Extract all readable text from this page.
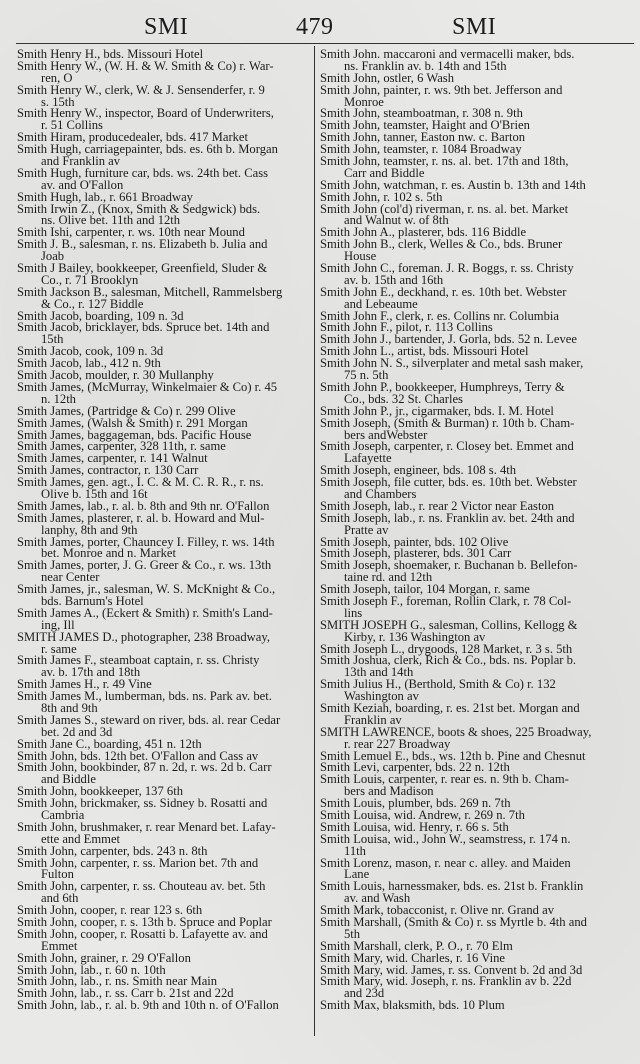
SMI	479	SMI
Smith Henry H., bds. Missouri Hotel
Smith Henry W., (W. H. & W. Smith & Co) r. War-
ren, O
Smith Henry W., clerk, W. & J. Sensenderfer, r. 9
s. 15th
Smith Henry W., inspector, Board of Underwriters,
r. 51 Collins
Smith Hiram, producedealer, bds. 417 Market
Smith Hugh, carriagepainter, bds. es. 6th b. Morgan
and Franklin av
Smith Hugh, furniture car, bds. ws. 24th bet. Cass
av. and O'Fallon
Smith Hugh, lab., r. 661 Broadway
Smith Irwin Z., (Knox, Smith & Sedgwick) bds.
ns. Olive bet. 11th and 12th
Smith Ishi, carpenter, r. ws. 10th near Mound
Smith J. B., salesman, r. ns. Elizabeth b. Julia and
Joab
Smith J Bailey, bookkeeper, Greenfield, Sluder &
Co., r. 71 Brooklyn
Smith Jackson B., salesman, Mitchell, Rammelsberg
& Co., r. 127 Biddle
Smith Jacob, boarding, 109 n. 3d
Smith Jacob, bricklayer, bds. Spruce bet. 14th and
15th
Smith Jacob, cook, 109 n. 3d
Smith Jacob, lab., 412 n. 9th
Smith Jacob, moulder, r. 30 Mullanphy
Smith James, (McMurray, Winkelmaier & Co) r. 45
n. 12th
Smith James, (Partridge & Co) r. 299 Olive
Smith James, (Walsh & Smith) r. 291 Morgan
Smith James, baggageman, bds. Pacific House
Smith James, carpenter, 328 11th, r. same
Smith James, carpenter, r. 141 Walnut
Smith James, contractor, r. 130 Carr
Smith James, gen. agt., I. C. & M. C. R. R., r. ns.
Olive b. 15th and 16t
Smith James, lab., r. al. b. 8th and 9th nr. O'Fallon
Smith James, plasterer, r. al. b. Howard and Mul-
lanphy, 8th and 9th
Smith James, porter, Chauncey I. Filley, r. ws. 14th
bet. Monroe and n. Market
Smith James, porter, J. G. Greer & Co., r. ws. 13th
near Center
Smith James, jr., salesman, W. S. McKnight & Co.,
bds. Barnum's Hotel
Smith James A., (Eckert & Smith) r. Smith's Land-
ing, Ill
SMITH JAMES D., photographer, 238 Broadway,
r. same
Smith James F., steamboat captain, r. ss. Christy
av. b. 17th and 18th
Smith James H., r. 49 Vine
Smith James M., lumberman, bds. ns. Park av. bet.
8th and 9th
Smith James S., steward on river, bds. al. rear Cedar
bet. 2d and 3d
Smith Jane C., boarding, 451 n. 12th
Smith John, bds. 12th bet. O'Fallon and Cass av
Smith John, bookbinder, 87 n. 2d, r. ws. 2d b. Carr
and Biddle
Smith John, bookkeeper, 137 6th
Smith John, brickmaker, ss. Sidney b. Rosatti and
Cambria
Smith John, brushmaker, r. rear Menard bet. Lafay-
ette and Emmet
Smith John, carpenter, bds. 243 n. 8th
Smith John, carpenter, r. ss. Marion bet. 7th and
Fulton
Smith John, carpenter, r. ss. Chouteau av. bet. 5th
and 6th
Smith John, cooper, r. rear 123 s. 6th
Smith John, cooper, r. s. 13th b. Spruce and Poplar
Smith John, cooper, r. Rosatti b. Lafayette av. and
Emmet
Smith John, grainer, r. 29 O'Fallon
Smith John, lab., r. 60 n. 10th
Smith John, lab., r. ns. Smith near Main
Smith John, lab., r. ss. Carr b. 21st and 22d
Smith John, lab., r. al. b. 9th and 10th n. of O'Fallon
Smith John. maccaroni and vermacelli maker, bds.
ns. Franklin av. b. 14th and 15th
Smith John, ostler, 6 Wash
Smith John, painter, r. ws. 9th bet. Jefferson and
Monroe
Smith John, steamboatman, r. 308 n. 9th
Smith John, teamster, Haight and O'Brien
Smith John, tanner, Easton nw. c. Barton
Smith John, teamster, r. 1084 Broadway
Smith John, teamster, r. ns. al. bet. 17th and 18th,
Carr and Biddle
Smith John, watchman, r. es. Austin b. 13th and 14th
Smith John, r. 102 s. 5th
Smith John (col'd) riverman, r. ns. al. bet. Market
and Walnut w. of 8th
Smith John A., plasterer, bds. 116 Biddle
Smith John B., clerk, Welles & Co., bds. Bruner
House
Smith John C., foreman. J. R. Boggs, r. ss. Christy
av. b. 15th and 16th
Smith John E., deckhand, r. es. 10th bet. Webster
and Lebeaume
Smith John F., clerk, r. es. Collins nr. Columbia
Smith John F., pilot, r. 113 Collins
Smith John J., bartender, J. Gorla, bds. 52 n. Levee
Smith John L., artist, bds. Missouri Hotel
Smith John N. S., silverplater and metal sash maker,
75 n. 5th
Smith John P., bookkeeper, Humphreys, Terry &
Co., bds. 32 St. Charles
Smith John P., jr., cigarmaker, bds. I. M. Hotel
Smith Joseph, (Smith & Burman) r. 10th b. Cham-
bers andWebster
Smith Joseph, carpenter, r. Closey bet. Emmet and
Lafayette
Smith Joseph, engineer, bds. 108 s. 4th
Smith Joseph, file cutter, bds. es. 10th bet. Webster
and Chambers
Smith Joseph, lab., r. rear 2 Victor near Easton
Smith Joseph, lab., r. ns. Franklin av. bet. 24th and
Pratte av
Smith Joseph, painter, bds. 102 Olive
Smith Joseph, plasterer, bds. 301 Carr
Smith Joseph, shoemaker, r. Buchanan b. Bellefon-
taine rd. and 12th
Smith Joseph, tailor, 104 Morgan, r. same
Smith Joseph F., foreman, Rollin Clark, r. 78 Col-
lins
SMITH JOSEPH G., salesman, Collins, Kellogg &
Kirby, r. 136 Washington av
Smith Joseph L., drygoods, 128 Market, r. 3 s. 5th
Smith Joshua, clerk, Rich & Co., bds. ns. Poplar b.
13th and 14th
Smith Julius H., (Berthold, Smith & Co) r. 132
Washington av
Smith Keziah, boarding, r. es. 21st bet. Morgan and
Franklin av
SMITH LAWRENCE, boots & shoes, 225 Broadway,
r. rear 227 Broadway
Smith Lemuel E., bds., ws. 12th b. Pine and Chesnut
Smith Levi, carpenter, bds. 22 n. 12th
Smith Louis, carpenter, r. rear es. n. 9th b. Cham-
bers and Madison
Smith Louis, plumber, bds. 269 n. 7th
Smith Louisa, wid. Andrew, r. 269 n. 7th
Smith Louisa, wid. Henry, r. 66 s. 5th
Smith Louisa, wid., John W., seamstress, r. 174 n.
11th
Smith Lorenz, mason, r. near c. alley. and Maiden
Lane
Smith Louis, harnessmaker, bds. es. 21st b. Franklin
av. and Wash
Smith Mark, tobacconist, r. Olive nr. Grand av
Smith Marshall, (Smith & Co) r. ss Myrtle b. 4th and
5th
Smith Marshall, clerk, P. O., r. 70 Elm
Smith Mary, wid. Charles, r. 16 Vine
Smith Mary, wid. James, r. ss. Convent b. 2d and 3d
Smith Mary, wid. Joseph, r. ns. Franklin av b. 22d
and 23d
Smith Max, blaksmith, bds. 10 Plum
